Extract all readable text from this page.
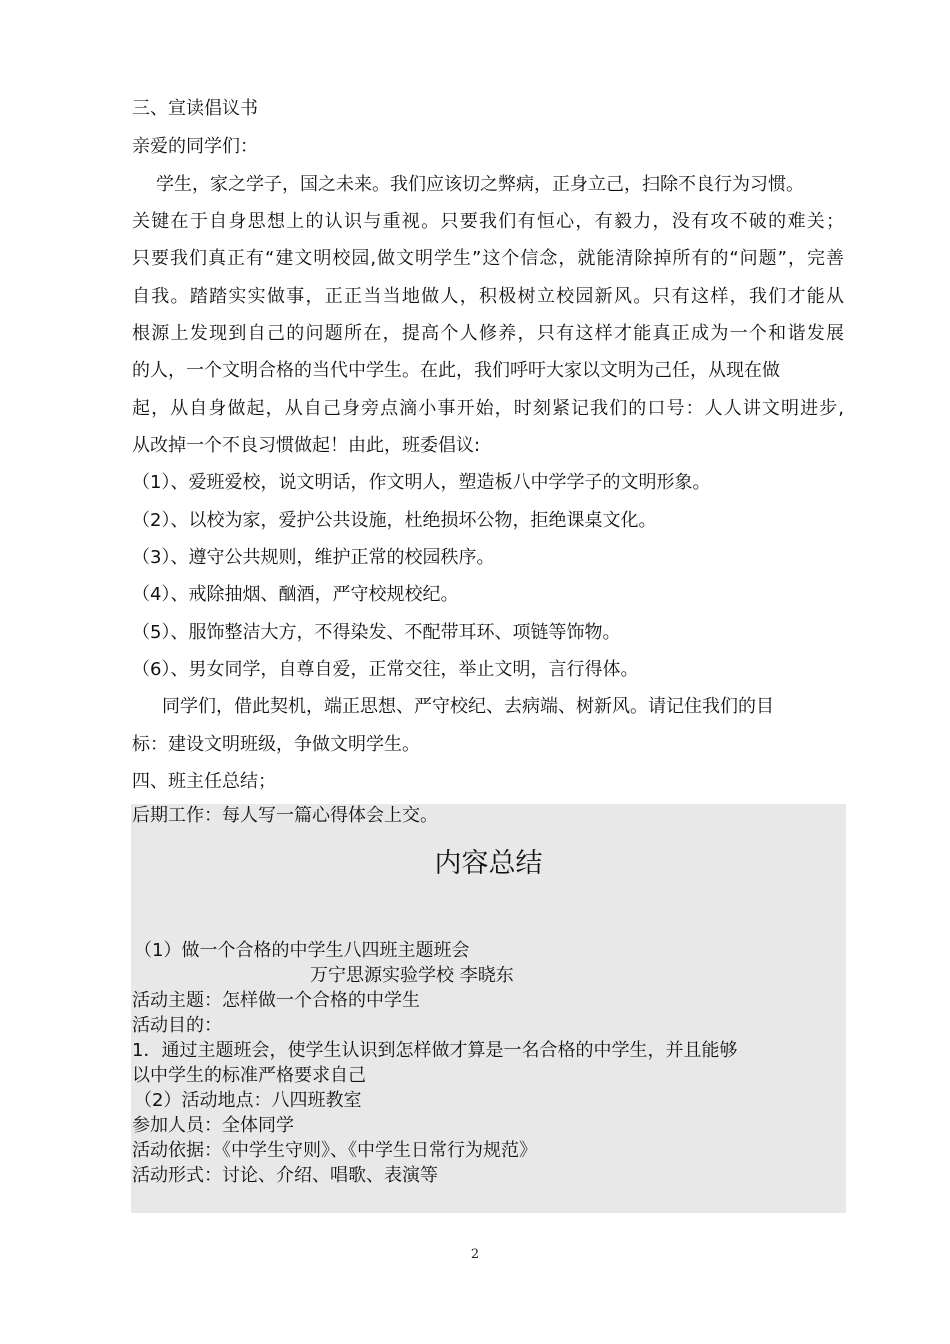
三、宣读倡议书
亲爱的同学们：
学生，家之学子，国之未来。我们应该切之弊病，正身立己，扫除不良行为习惯。
关键在于自身思想上的认识与重视。只要我们有恒心，有毅力，没有攻不破的难关；
只要我们真正有“建文明校园,做文明学生”这个信念，就能清除掉所有的“问题”，完善
自我。踏踏实实做事，正正当当地做人，积极树立校园新风。只有这样，我们才能从
根源上发现到自己的问题所在，提高个人修养，只有这样才能真正成为一个和谐发展
的人，一个文明合格的当代中学生。在此，我们呼吁大家以文明为己任，从现在做
起，从自身做起，从自己身旁点滴小事开始，时刻紧记我们的口号：人人讲文明进步,
从改掉一个不良习惯做起！由此，班委倡议:
（1）、爱班爱校，说文明话，作文明人，塑造板八中学学子的文明形象。
（2）、以校为家，爱护公共设施，杜绝损坏公物，拒绝课桌文化。
（3）、遵守公共规则，维护正常的校园秩序。
（4）、戒除抽烟、酗酒，严守校规校纪。
（5）、服饰整洁大方，不得染发、不配带耳环、项链等饰物。
（6）、男女同学，自尊自爱，正常交往，举止文明，言行得体。
同学们，借此契机，端正思想、严守校纪、去病端、树新风。请记住我们的目
标：建设文明班级，争做文明学生。
四、班主任总结；
后期工作：每人写一篇心得体会上交。
内容总结
（1）做一个合格的中学生八四班主题班会
万宁思源实验学校 李晓东
活动主题：怎样做一个合格的中学生
活动目的：
1．通过主题班会，使学生认识到怎样做才算是一名合格的中学生，并且能够
以中学生的标准严格要求自己
（2）活动地点：八四班教室
参加人员：全体同学
活动依据：《中学生守则》、《中学生日常行为规范》
活动形式：讨论、介绍、唱歌、表演等
2
